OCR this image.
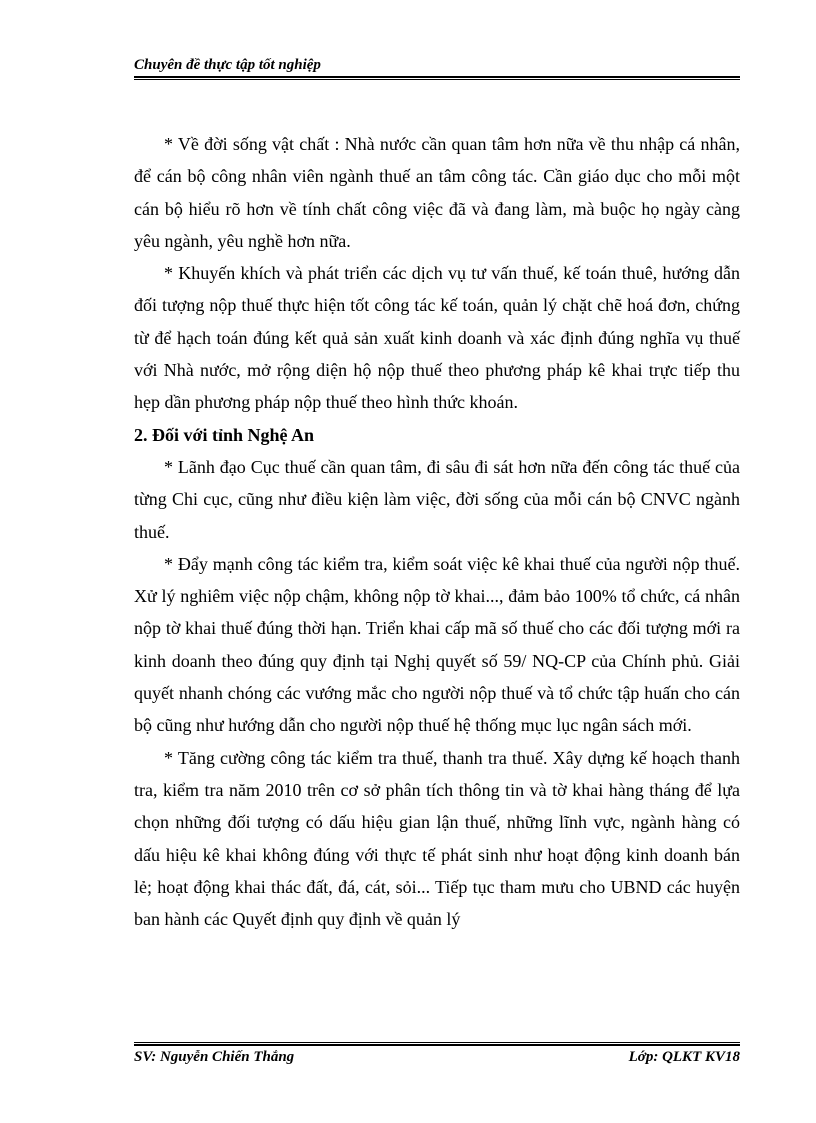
Chuyên đề thực tập tốt nghiệp

* Về đời sống vật chất : Nhà nước cần quan tâm hơn nữa về thu nhập cá nhân, để cán bộ công nhân viên ngành thuế an tâm công tác. Cần giáo dục cho mỗi một cán bộ hiểu rõ hơn về tính chất công việc đã và đang làm, mà buộc họ ngày càng yêu ngành, yêu nghề hơn nữa.

* Khuyến khích và phát triển các dịch vụ tư vấn thuế, kế toán thuê, hướng dẫn đối tượng nộp thuế thực hiện tốt công tác kế toán, quản lý chặt chẽ hoá đơn, chứng từ để hạch toán đúng kết quả sản xuất kinh doanh và xác định đúng nghĩa vụ thuế với Nhà nước, mở rộng diện hộ nộp thuế theo phương pháp kê khai trực tiếp thu hẹp dần phương pháp nộp thuế theo hình thức khoán.

2. Đối với tỉnh Nghệ An

* Lãnh đạo Cục thuế cần quan tâm, đi sâu đi sát hơn nữa đến công tác thuế của từng Chi cục, cũng như điều kiện làm việc, đời sống của mỗi cán bộ CNVC ngành thuế.

* Đẩy mạnh công tác kiểm tra, kiểm soát việc kê khai thuế của người nộp thuế. Xử lý nghiêm việc nộp chậm, không nộp tờ khai..., đảm bảo 100% tổ chức, cá nhân nộp tờ khai thuế đúng thời hạn. Triển khai cấp mã số thuế cho các đối tượng mới ra kinh doanh theo đúng quy định tại Nghị quyết số 59/ NQ-CP của Chính phủ. Giải quyết nhanh chóng các vướng mắc cho người nộp thuế và tổ chức tập huấn cho cán bộ cũng như hướng dẫn cho người nộp thuế hệ thống mục lục ngân sách mới.

* Tăng cường công tác kiểm tra thuế, thanh tra thuế. Xây dựng kế hoạch thanh tra, kiểm tra năm 2010 trên cơ sở phân tích thông tin và tờ khai hàng tháng để lựa chọn những đối tượng có dấu hiệu gian lận thuế, những lĩnh vực, ngành hàng có dấu hiệu kê khai không đúng với thực tế phát sinh như hoạt động kinh doanh bán lẻ; hoạt động khai thác đất, đá, cát, sỏi... Tiếp tục tham mưu cho UBND các huyện ban hành các Quyết định quy định về quản lý

SV: Nguyễn Chiến Thắng	Lớp: QLKT KV18
